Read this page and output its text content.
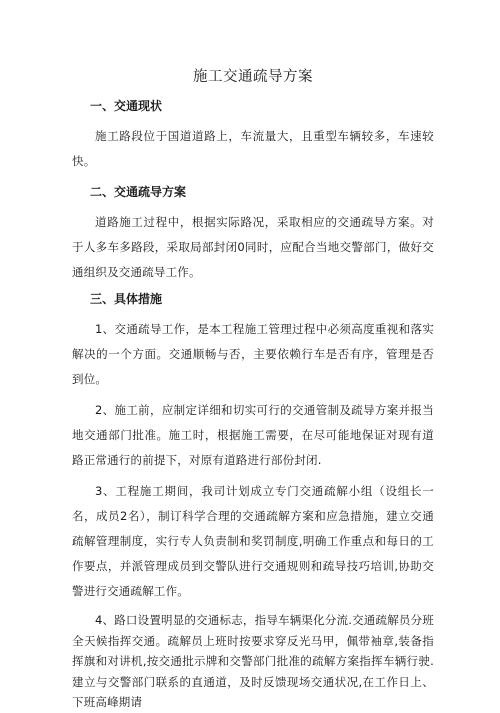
施工交通疏导方案
一、交通现状
施工路段位于国道道路上，车流量大，且重型车辆较多，车速较快。
二、交通疏导方案
道路施工过程中，根据实际路况，采取相应的交通疏导方案。对于人多车多路段，采取局部封闭0同时，应配合当地交警部门，做好交通组织及交通疏导工作。
三、具体措施
1、交通疏导工作，是本工程施工管理过程中必须高度重视和落实解决的一个方面。交通顺畅与否，主要依赖行车是否有序，管理是否到位。
2、施工前，应制定详细和切实可行的交通管制及疏导方案并报当地交通部门批准。施工时，根据施工需要，在尽可能地保证对现有道路正常通行的前提下，对原有道路进行部份封闭.
3、工程施工期间，我司计划成立专门交通疏解小组（设组长一名，成员2名），制订科学合理的交通疏解方案和应急措施，建立交通疏解管理制度，实行专人负责制和奖罚制度,明确工作重点和每日的工作要点，并派管理成员到交警队进行交通规则和疏导技巧培训,协助交警进行交通疏解工作。
4、路口设置明显的交通标志，指导车辆渠化分流.交通疏解员分班全天候指挥交通。疏解员上班时按要求穿反光马甲，佩带袖章,装备指挥旗和对讲机,按交通批示牌和交警部门批准的疏解方案指挥车辆行驶.建立与交警部门联系的直通道，及时反馈现场交通状况,在工作日上、下班高峰期请
